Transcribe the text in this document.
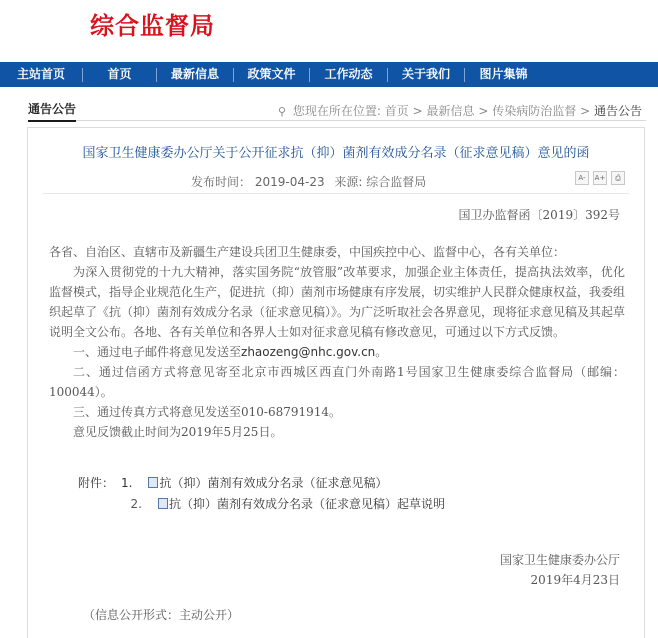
综合监督局
主站首页	首页	最新信息	政策文件	工作动态	关于我们	图片集锦
通告公告	⚲ 您现在所在位置: 首页 > 最新信息 > 传染病防治监督 > 通告公告
国家卫生健康委办公厅关于公开征求抗（抑）菌剂有效成分名录（征求意见稿）意见的函
发布时间： 2019-04-23 来源: 综合监督局	A-	A+	⎙
国卫办监督函〔2019〕392号
各省、自治区、直辖市及新疆生产建设兵团卫生健康委，中国疾控中心、监督中心，各有关单位：
为深入贯彻党的十九大精神，落实国务院“放管服”改革要求，加强企业主体责任，提高执法效率，优化监督模式，指导企业规范化生产，促进抗（抑）菌剂市场健康有序发展，切实维护人民群众健康权益，我委组织起草了《抗（抑）菌剂有效成分名录（征求意见稿）》。为广泛听取社会各界意见，现将征求意见稿及其起草说明全文公布。各地、各有关单位和各界人士如对征求意见稿有修改意见，可通过以下方式反馈。
一、通过电子邮件将意见发送至zhaozeng@nhc.gov.cn。
二、通过信函方式将意见寄至北京市西城区西直门外南路1号国家卫生健康委综合监督局（邮编：100044）。
三、通过传真方式将意见发送至010-68791914。
意见反馈截止时间为2019年5月25日。
附件： 1. 抗（抑）菌剂有效成分名录（征求意见稿）
2. 抗（抑）菌剂有效成分名录（征求意见稿）起草说明
国家卫生健康委办公厅
2019年4月23日
（信息公开形式：主动公开）
